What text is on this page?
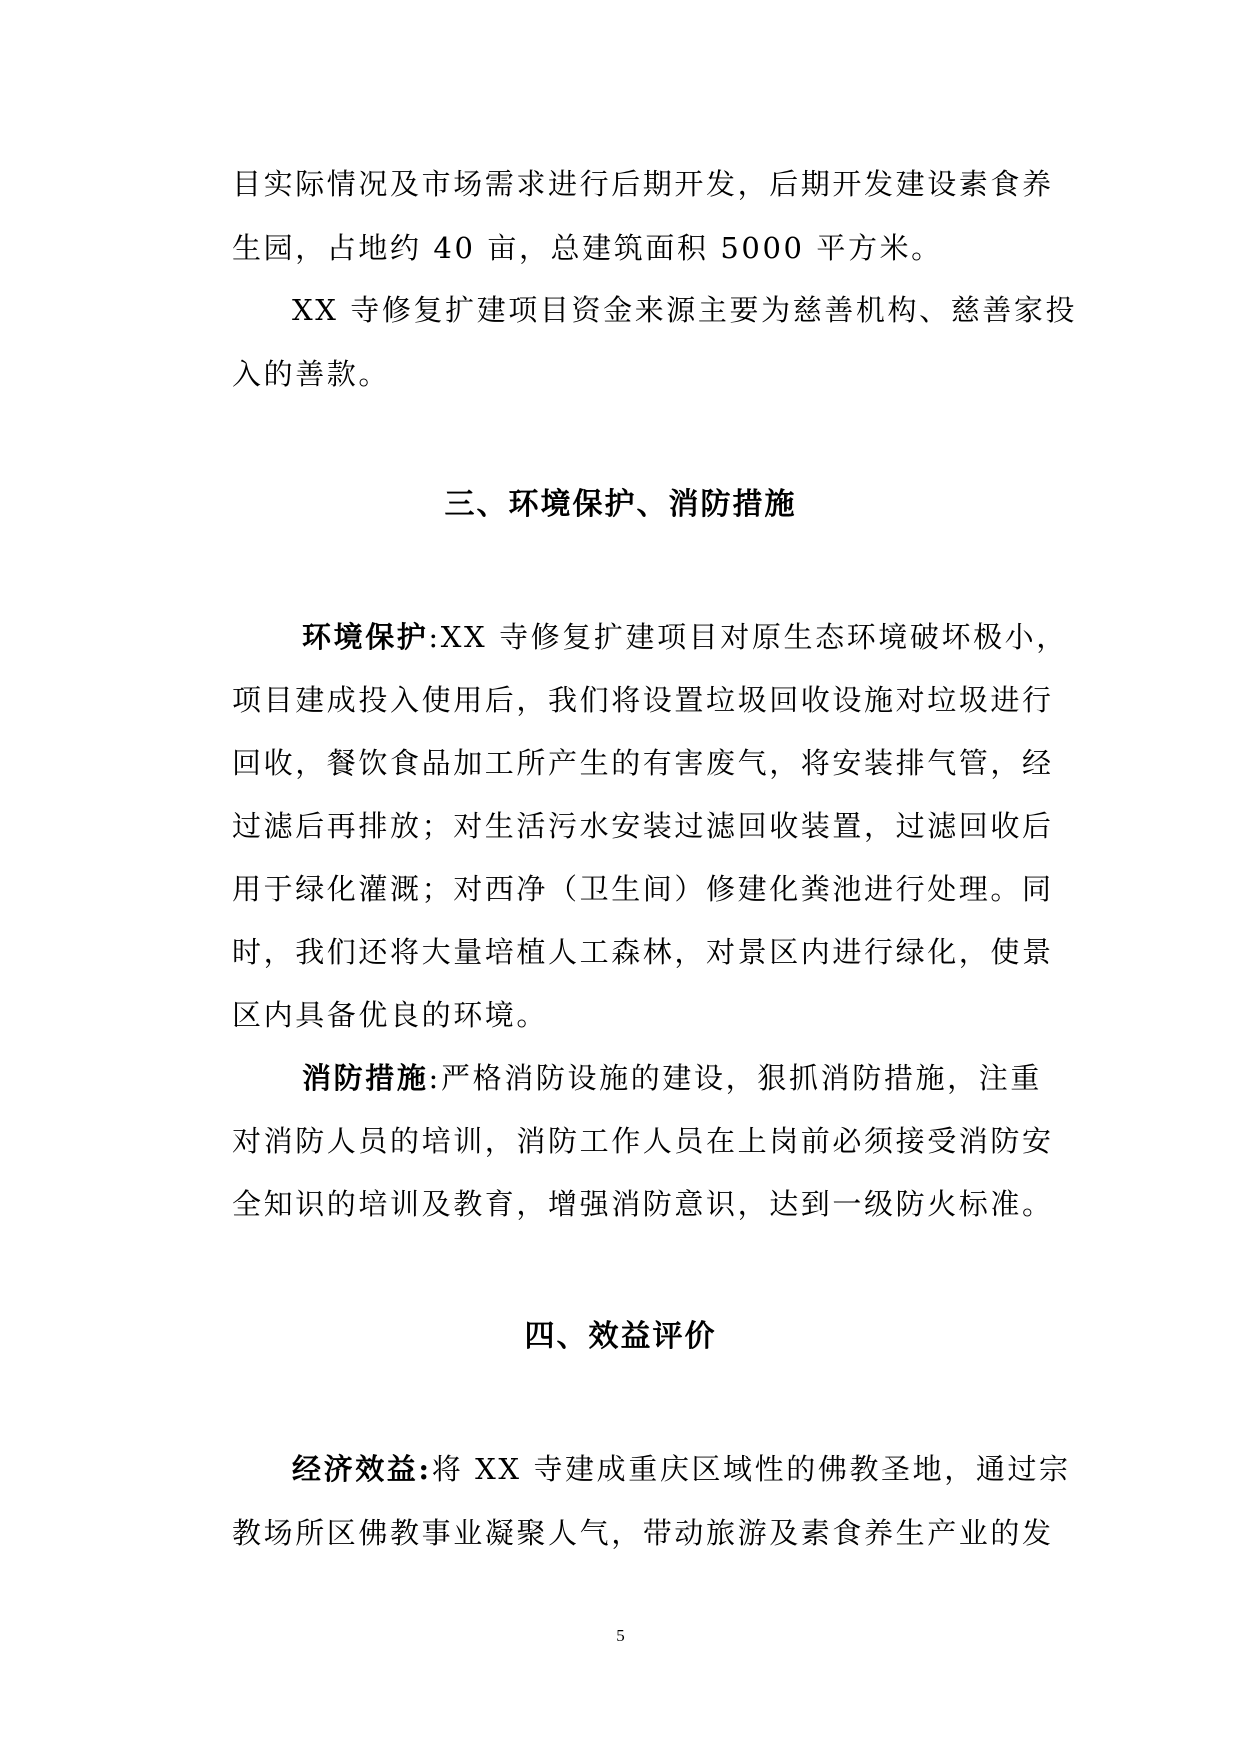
目实际情况及市场需求进行后期开发，后期开发建设素食养
生园，占地约 40 亩，总建筑面积 5000 平方米。
XX 寺修复扩建项目资金来源主要为慈善机构、慈善家投
入的善款。
三、环境保护、消防措施
环境保护:XX 寺修复扩建项目对原生态环境破坏极小，
项目建成投入使用后，我们将设置垃圾回收设施对垃圾进行
回收，餐饮食品加工所产生的有害废气，将安装排气管，经
过滤后再排放；对生活污水安装过滤回收装置，过滤回收后
用于绿化灌溉；对西净（卫生间）修建化粪池进行处理。同
时，我们还将大量培植人工森林，对景区内进行绿化，使景
区内具备优良的环境。
消防措施:严格消防设施的建设，狠抓消防措施，注重
对消防人员的培训，消防工作人员在上岗前必须接受消防安
全知识的培训及教育，增强消防意识，达到一级防火标准。
四、效益评价
经济效益:将 XX 寺建成重庆区域性的佛教圣地，通过宗
教场所区佛教事业凝聚人气，带动旅游及素食养生产业的发
5
